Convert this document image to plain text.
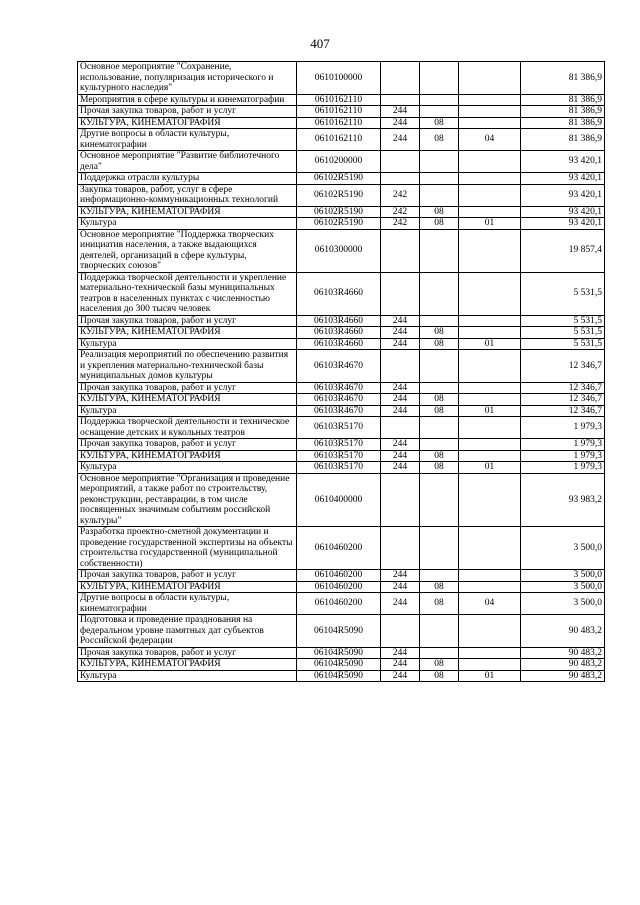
407
Основное мероприятие "Сохранение, использование, популяризация исторического и культурного наследия"	0610100000				81 386,9
Мероприятия в сфере культуры и кинематографии	0610162110				81 386,9
Прочая закупка товаров, работ и услуг	0610162110	244			81 386,9
КУЛЬТУРА, КИНЕМАТОГРАФИЯ	0610162110	244	08		81 386,9
Другие вопросы в области культуры, кинематографии	0610162110	244	08	04	81 386,9
Основное мероприятие "Развитие библиотечного дела"	0610200000				93 420,1
Поддержка отрасли культуры	06102R5190				93 420,1
Закупка товаров, работ, услуг в сфере информационно-коммуникационных технологий	06102R5190	242			93 420,1
КУЛЬТУРА, КИНЕМАТОГРАФИЯ	06102R5190	242	08		93 420,1
Культура	06102R5190	242	08	01	93 420,1
Основное мероприятие "Поддержка творческих инициатив населения, а также выдающихся деятелей, организаций в сфере культуры, творческих союзов"	0610300000				19 857,4
Поддержка творческой деятельности и укрепление материально-технической базы муниципальных театров в населенных пунктах с численностью населения до 300 тысяч человек	06103R4660				5 531,5
Прочая закупка товаров, работ и услуг	06103R4660	244			5 531,5
КУЛЬТУРА, КИНЕМАТОГРАФИЯ	06103R4660	244	08		5 531,5
Культура	06103R4660	244	08	01	5 531,5
Реализация мероприятий по обеспечению развития и укрепления материально-технической базы муниципальных домов культуры	06103R4670				12 346,7
Прочая закупка товаров, работ и услуг	06103R4670	244			12 346,7
КУЛЬТУРА, КИНЕМАТОГРАФИЯ	06103R4670	244	08		12 346,7
Культура	06103R4670	244	08	01	12 346,7
Поддержка творческой деятельности и техническое оснащение детских и кукольных театров	06103R5170				1 979,3
Прочая закупка товаров, работ и услуг	06103R5170	244			1 979,3
КУЛЬТУРА, КИНЕМАТОГРАФИЯ	06103R5170	244	08		1 979,3
Культура	06103R5170	244	08	01	1 979,3
Основное мероприятие "Организация и проведение мероприятий, а также работ по строительству, реконструкции, реставрации, в том числе посвященных значимым событиям российской культуры"	0610400000				93 983,2
Разработка проектно-сметной документации и проведение государственной экспертизы на объекты строительства государственной (муниципальной собственности)	0610460200				3 500,0
Прочая закупка товаров, работ и услуг	0610460200	244			3 500,0
КУЛЬТУРА, КИНЕМАТОГРАФИЯ	0610460200	244	08		3 500,0
Другие вопросы в области культуры, кинематографии	0610460200	244	08	04	3 500,0
Подготовка и проведение празднования на федеральном уровне памятных дат субъектов Российской федерации	06104R5090				90 483,2
Прочая закупка товаров, работ и услуг	06104R5090	244			90 483,2
КУЛЬТУРА, КИНЕМАТОГРАФИЯ	06104R5090	244	08		90 483,2
Культура	06104R5090	244	08	01	90 483,2
